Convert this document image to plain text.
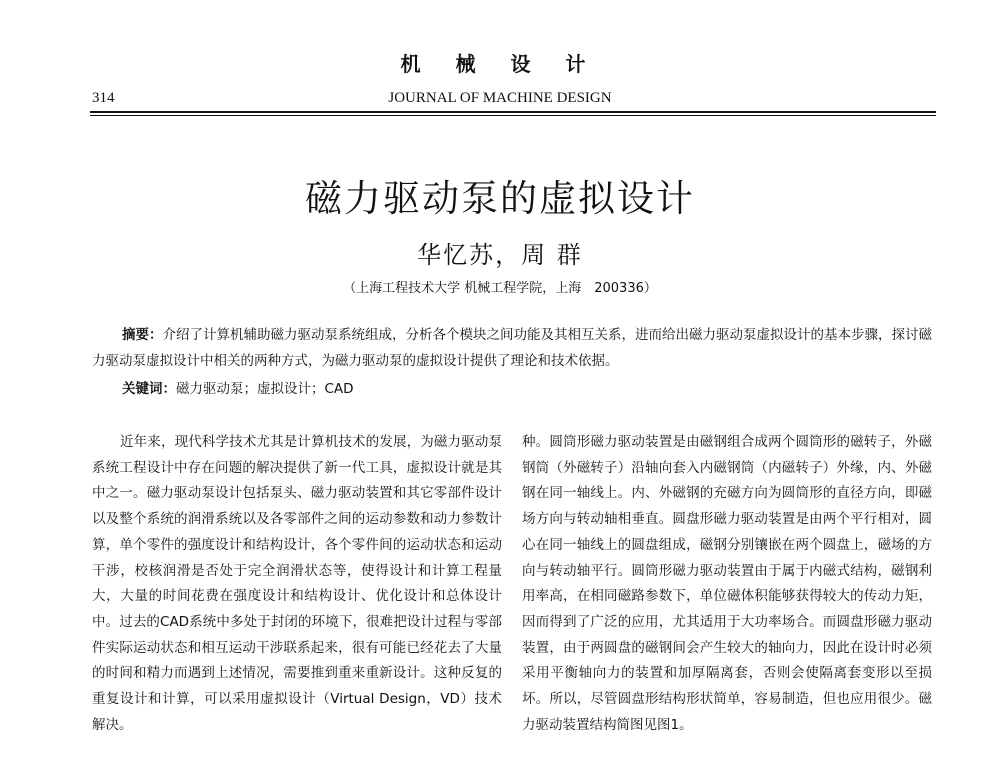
机 械 设 计
314	JOURNAL OF MACHINE DESIGN
磁力驱动泵的虚拟设计
华忆苏，周 群
（上海工程技术大学 机械工程学院，上海　200336）
摘要：介绍了计算机辅助磁力驱动泵系统组成，分析各个模块之间功能及其相互关系，进而给出磁力驱动泵虚拟设计的基本步骤，探讨磁力驱动泵虚拟设计中相关的两种方式，为磁力驱动泵的虚拟设计提供了理论和技术依据。
关键词：磁力驱动泵；虚拟设计；CAD
近年来，现代科学技术尤其是计算机技术的发展，为磁力驱动泵系统工程设计中存在问题的解决提供了新一代工具，虚拟设计就是其中之一。磁力驱动泵设计包括泵头、磁力驱动装置和其它零部件设计以及整个系统的润滑系统以及各零部件之间的运动参数和动力参数计算，单个零件的强度设计和结构设计，各个零件间的运动状态和运动干涉，校核润滑是否处于完全润滑状态等，使得设计和计算工程量大，大量的时间花费在强度设计和结构设计、优化设计和总体设计中。过去的CAD系统中多处于封闭的环境下，很难把设计过程与零部件实际运动状态和相互运动干涉联系起来，很有可能已经花去了大量的时间和精力而遇到上述情况，需要推到重来重新设计。这种反复的重复设计和计算，可以采用虚拟设计（Virtual Design，VD）技术解决。
种。圆筒形磁力驱动装置是由磁钢组合成两个圆筒形的磁转子，外磁钢筒（外磁转子）沿轴向套入内磁钢筒（内磁转子）外缘，内、外磁钢在同一轴线上。内、外磁钢的充磁方向为圆筒形的直径方向，即磁场方向与转动轴相垂直。圆盘形磁力驱动装置是由两个平行相对，圆心在同一轴线上的圆盘组成，磁钢分别镶嵌在两个圆盘上，磁场的方向与转动轴平行。圆筒形磁力驱动装置由于属于内磁式结构，磁钢利用率高，在相同磁路参数下，单位磁体积能够获得较大的传动力矩，因而得到了广泛的应用，尤其适用于大功率场合。而圆盘形磁力驱动装置，由于两圆盘的磁钢间会产生较大的轴向力，因此在设计时必须采用平衡轴向力的装置和加厚隔离套，否则会使隔离套变形以至损坏。所以，尽管圆盘形结构形状简单，容易制造，但也应用很少。磁力驱动装置结构简图见图1。
